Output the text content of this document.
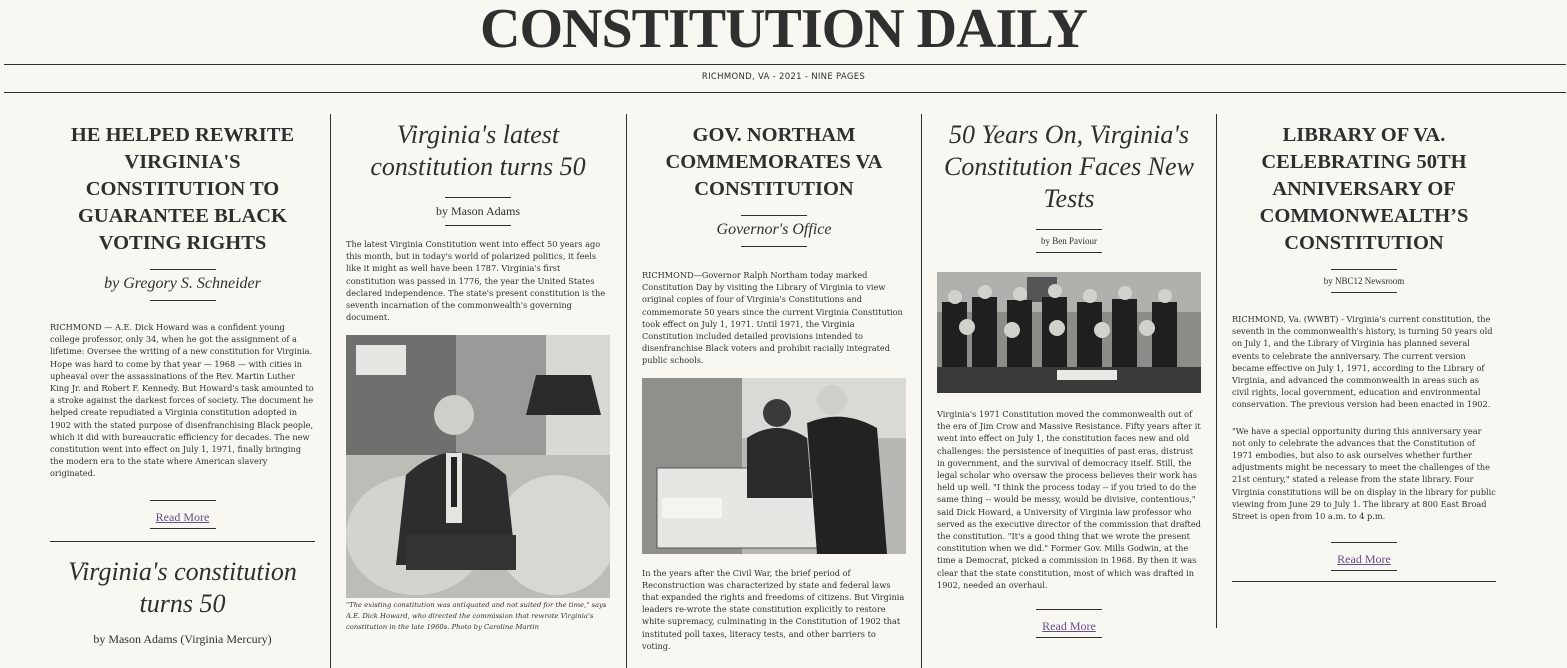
CONSTITUTION DAILY
RICHMOND, VA - 2021 - NINE PAGES
HE HELPED REWRITE VIRGINIA'S CONSTITUTION TO GUARANTEE BLACK VOTING RIGHTS
by Gregory S. Schneider
RICHMOND — A.E. Dick Howard was a confident young college professor, only 34, when he got the assignment of a lifetime: Oversee the writing of a new constitution for Virginia. Hope was hard to come by that year — 1968 — with cities in upheaval over the assassinations of the Rev. Martin Luther King Jr. and Robert F. Kennedy. But Howard's task amounted to a stroke against the darkest forces of society. The document he helped create repudiated a Virginia constitution adopted in 1902 with the stated purpose of disenfranchising Black people, which it did with bureaucratic efficiency for decades. The new constitution went into effect on July 1, 1971, finally bringing the modern era to the state where American slavery originated.
Read More
Virginia's constitution turns 50
by Mason Adams (Virginia Mercury)
Virginia's latest constitution turns 50
by Mason Adams
The latest Virginia Constitution went into effect 50 years ago this month, but in today's world of polarized politics, it feels like it might as well have been 1787. Virginia's first constitution was passed in 1776, the year the United States declared independence. The state's present constitution is the seventh incarnation of the commonwealth's governing document.
"The existing constitution was antiquated and not suited for the time," says A.E. Dick Howard, who directed the commission that rewrote Virginia's constitution in the late 1960s. Photo by Caroline Martin
GOV. NORTHAM COMMEMORATES VA CONSTITUTION
Governor's Office
RICHMOND—Governor Ralph Northam today marked Constitution Day by visiting the Library of Virginia to view original copies of four of Virginia's Constitutions and commemorate 50 years since the current Virginia Constitution took effect on July 1, 1971. Until 1971, the Virginia Constitution included detailed provisions intended to disenfranchise Black voters and prohibit racially integrated public schools.
In the years after the Civil War, the brief period of Reconstruction was characterized by state and federal laws that expanded the rights and freedoms of citizens. But Virginia leaders re-wrote the state constitution explicitly to restore white supremacy, culminating in the Constitution of 1902 that instituted poll taxes, literacy tests, and other barriers to voting.
50 Years On, Virginia's Constitution Faces New Tests
by Ben Paviour
Virginia's 1971 Constitution moved the commonwealth out of the era of Jim Crow and Massive Resistance. Fifty years after it went into effect on July 1, the constitution faces new and old challenges: the persistence of inequities of past eras, distrust in government, and the survival of democracy itself. Still, the legal scholar who oversaw the process believes their work has held up well. "I think the process today -- if you tried to do the same thing -- would be messy, would be divisive, contentious," said Dick Howard, a University of Virginia law professor who served as the executive director of the commission that drafted the constitution. "It's a good thing that we wrote the present constitution when we did." Former Gov. Mills Godwin, at the time a Democrat, picked a commission in 1968. By then it was clear that the state constitution, most of which was drafted in 1902, needed an overhaul.
Read More
LIBRARY OF VA. CELEBRATING 50TH ANNIVERSARY OF COMMONWEALTH’S CONSTITUTION
by NBC12 Newsroom
RICHMOND, Va. (WWBT) - Virginia's current constitution, the seventh in the commonwealth's history, is turning 50 years old on July 1, and the Library of Virginia has planned several events to celebrate the anniversary. The current version became effective on July 1, 1971, according to the Library of Virginia, and advanced the commonwealth in areas such as civil rights, local government, education and environmental conservation. The previous version had been enacted in 1902.
"We have a special opportunity during this anniversary year not only to celebrate the advances that the Constitution of 1971 embodies, but also to ask ourselves whether further adjustments might be necessary to meet the challenges of the 21st century," stated a release from the state library. Four Virginia constitutions will be on display in the library for public viewing from June 29 to July 1. The library at 800 East Broad Street is open from 10 a.m. to 4 p.m.
Read More
